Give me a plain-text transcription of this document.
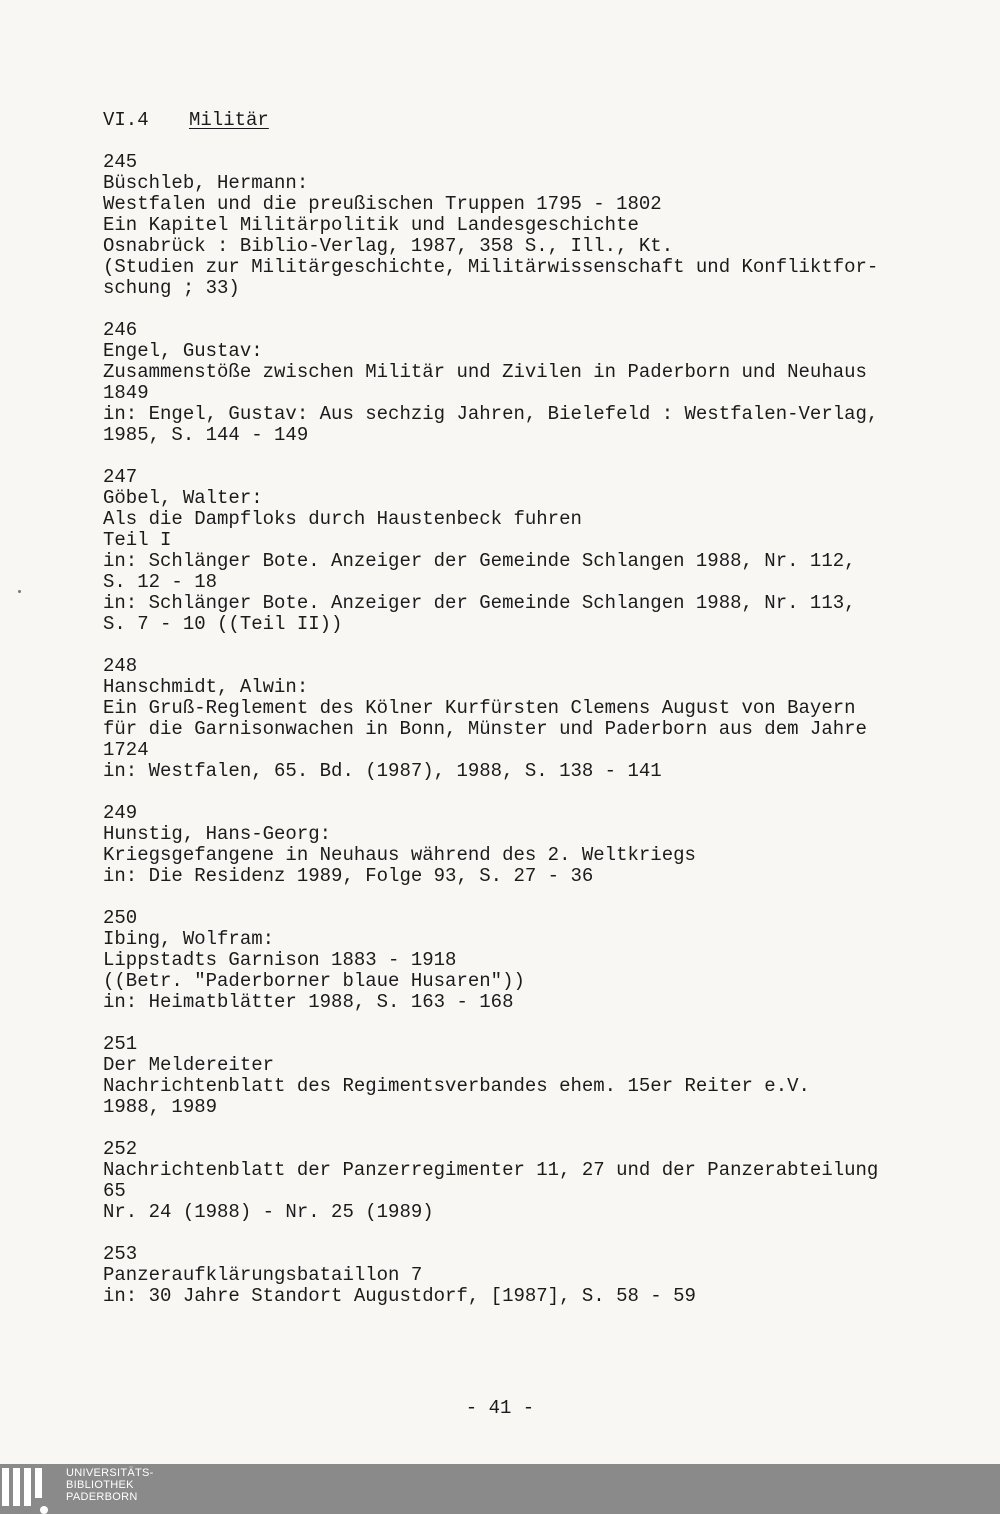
VI.4 Militär
245
Büschleb, Hermann:
Westfalen und die preußischen Truppen 1795 - 1802
Ein Kapitel Militärpolitik und Landesgeschichte
Osnabrück : Biblio-Verlag, 1987, 358 S., Ill., Kt.
(Studien zur Militärgeschichte, Militärwissenschaft und Konfliktfor-
schung ; 33)
246
Engel, Gustav:
Zusammenstöße zwischen Militär und Zivilen in Paderborn und Neuhaus
1849
in: Engel, Gustav: Aus sechzig Jahren, Bielefeld : Westfalen-Verlag,
1985, S. 144 - 149
247
Göbel, Walter:
Als die Dampfloks durch Haustenbeck fuhren
Teil I
in: Schlänger Bote. Anzeiger der Gemeinde Schlangen 1988, Nr. 112,
S. 12 - 18
in: Schlänger Bote. Anzeiger der Gemeinde Schlangen 1988, Nr. 113,
S. 7 - 10 ((Teil II))
248
Hanschmidt, Alwin:
Ein Gruß-Reglement des Kölner Kurfürsten Clemens August von Bayern
für die Garnisonwachen in Bonn, Münster und Paderborn aus dem Jahre
1724
in: Westfalen, 65. Bd. (1987), 1988, S. 138 - 141
249
Hunstig, Hans-Georg:
Kriegsgefangene in Neuhaus während des 2. Weltkriegs
in: Die Residenz 1989, Folge 93, S. 27 - 36
250
Ibing, Wolfram:
Lippstadts Garnison 1883 - 1918
((Betr. "Paderborner blaue Husaren"))
in: Heimatblätter 1988, S. 163 - 168
251
Der Meldereiter
Nachrichtenblatt des Regimentsverbandes ehem. 15er Reiter e.V.
1988, 1989
252
Nachrichtenblatt der Panzerregimenter 11, 27 und der Panzerabteilung
65
Nr. 24 (1988) - Nr. 25 (1989)
253
Panzeraufklärungsbataillon 7
in: 30 Jahre Standort Augustdorf, [1987], S. 58 - 59
- 41 -
UNIVERSITÄTS-
BIBLIOTHEK
PADERBORN
